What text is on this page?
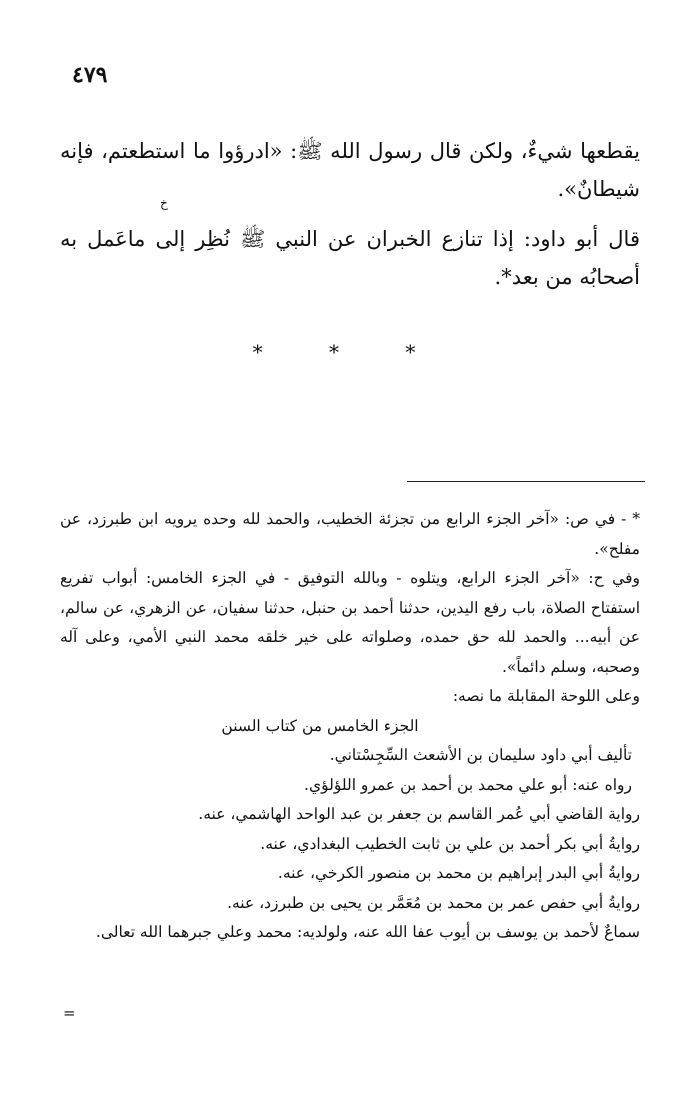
٤٧٩
خ

يقطعها شيءٌ، ولكن قال رسول الله ﷺ: «ادرؤوا ما استطعتم، فإنه شيطانٌ».

قال أبو داود: إذا تنازع الخبران عن النبي ﷺ نُظِر إلى ماعَمل به أصحابُه من بعد*.

* * *

* - في ص: «آخر الجزء الرابع من تجزئة الخطيب، والحمد لله وحده يرويه ابن طبرزد، عن مفلح».

وفي ح: «آخر الجزء الرابع، ويتلوه - وبالله التوفيق - في الجزء الخامس: أبواب تفريع استفتاح الصلاة، باب رفع اليدين، حدثنا أحمد بن حنبل، حدثنا سفيان، عن الزهري، عن سالم، عن أبيه... والحمد لله حق حمده، وصلواته على خير خلقه محمد النبي الأمي، وعلى آله وصحبه، وسلم دائماً».

وعلى اللوحة المقابلة ما نصه:

الجزء الخامس من كتاب السنن

تأليف أبي داود سليمان بن الأشعث السِّجِسْتاني.

رواه عنه: أبو علي محمد بن أحمد بن عمرو اللؤلؤي.

رواية القاضي أبي عُمر القاسم بن جعفر بن عبد الواحد الهاشمي، عنه.

روايةُ أبي بكر أحمد بن علي بن ثابت الخطيب البغدادي، عنه.

روايةُ أبي البدر إبراهيم بن محمد بن منصور الكرخي، عنه.

روايةُ أبي حفص عمر بن محمد بن مُعَمَّر بن يحيى بن طبرزد، عنه.

سماعٌ لأحمد بن يوسف بن أيوب عفا الله عنه، ولولديه: محمد وعلي جبرهما الله تعالى.

=
